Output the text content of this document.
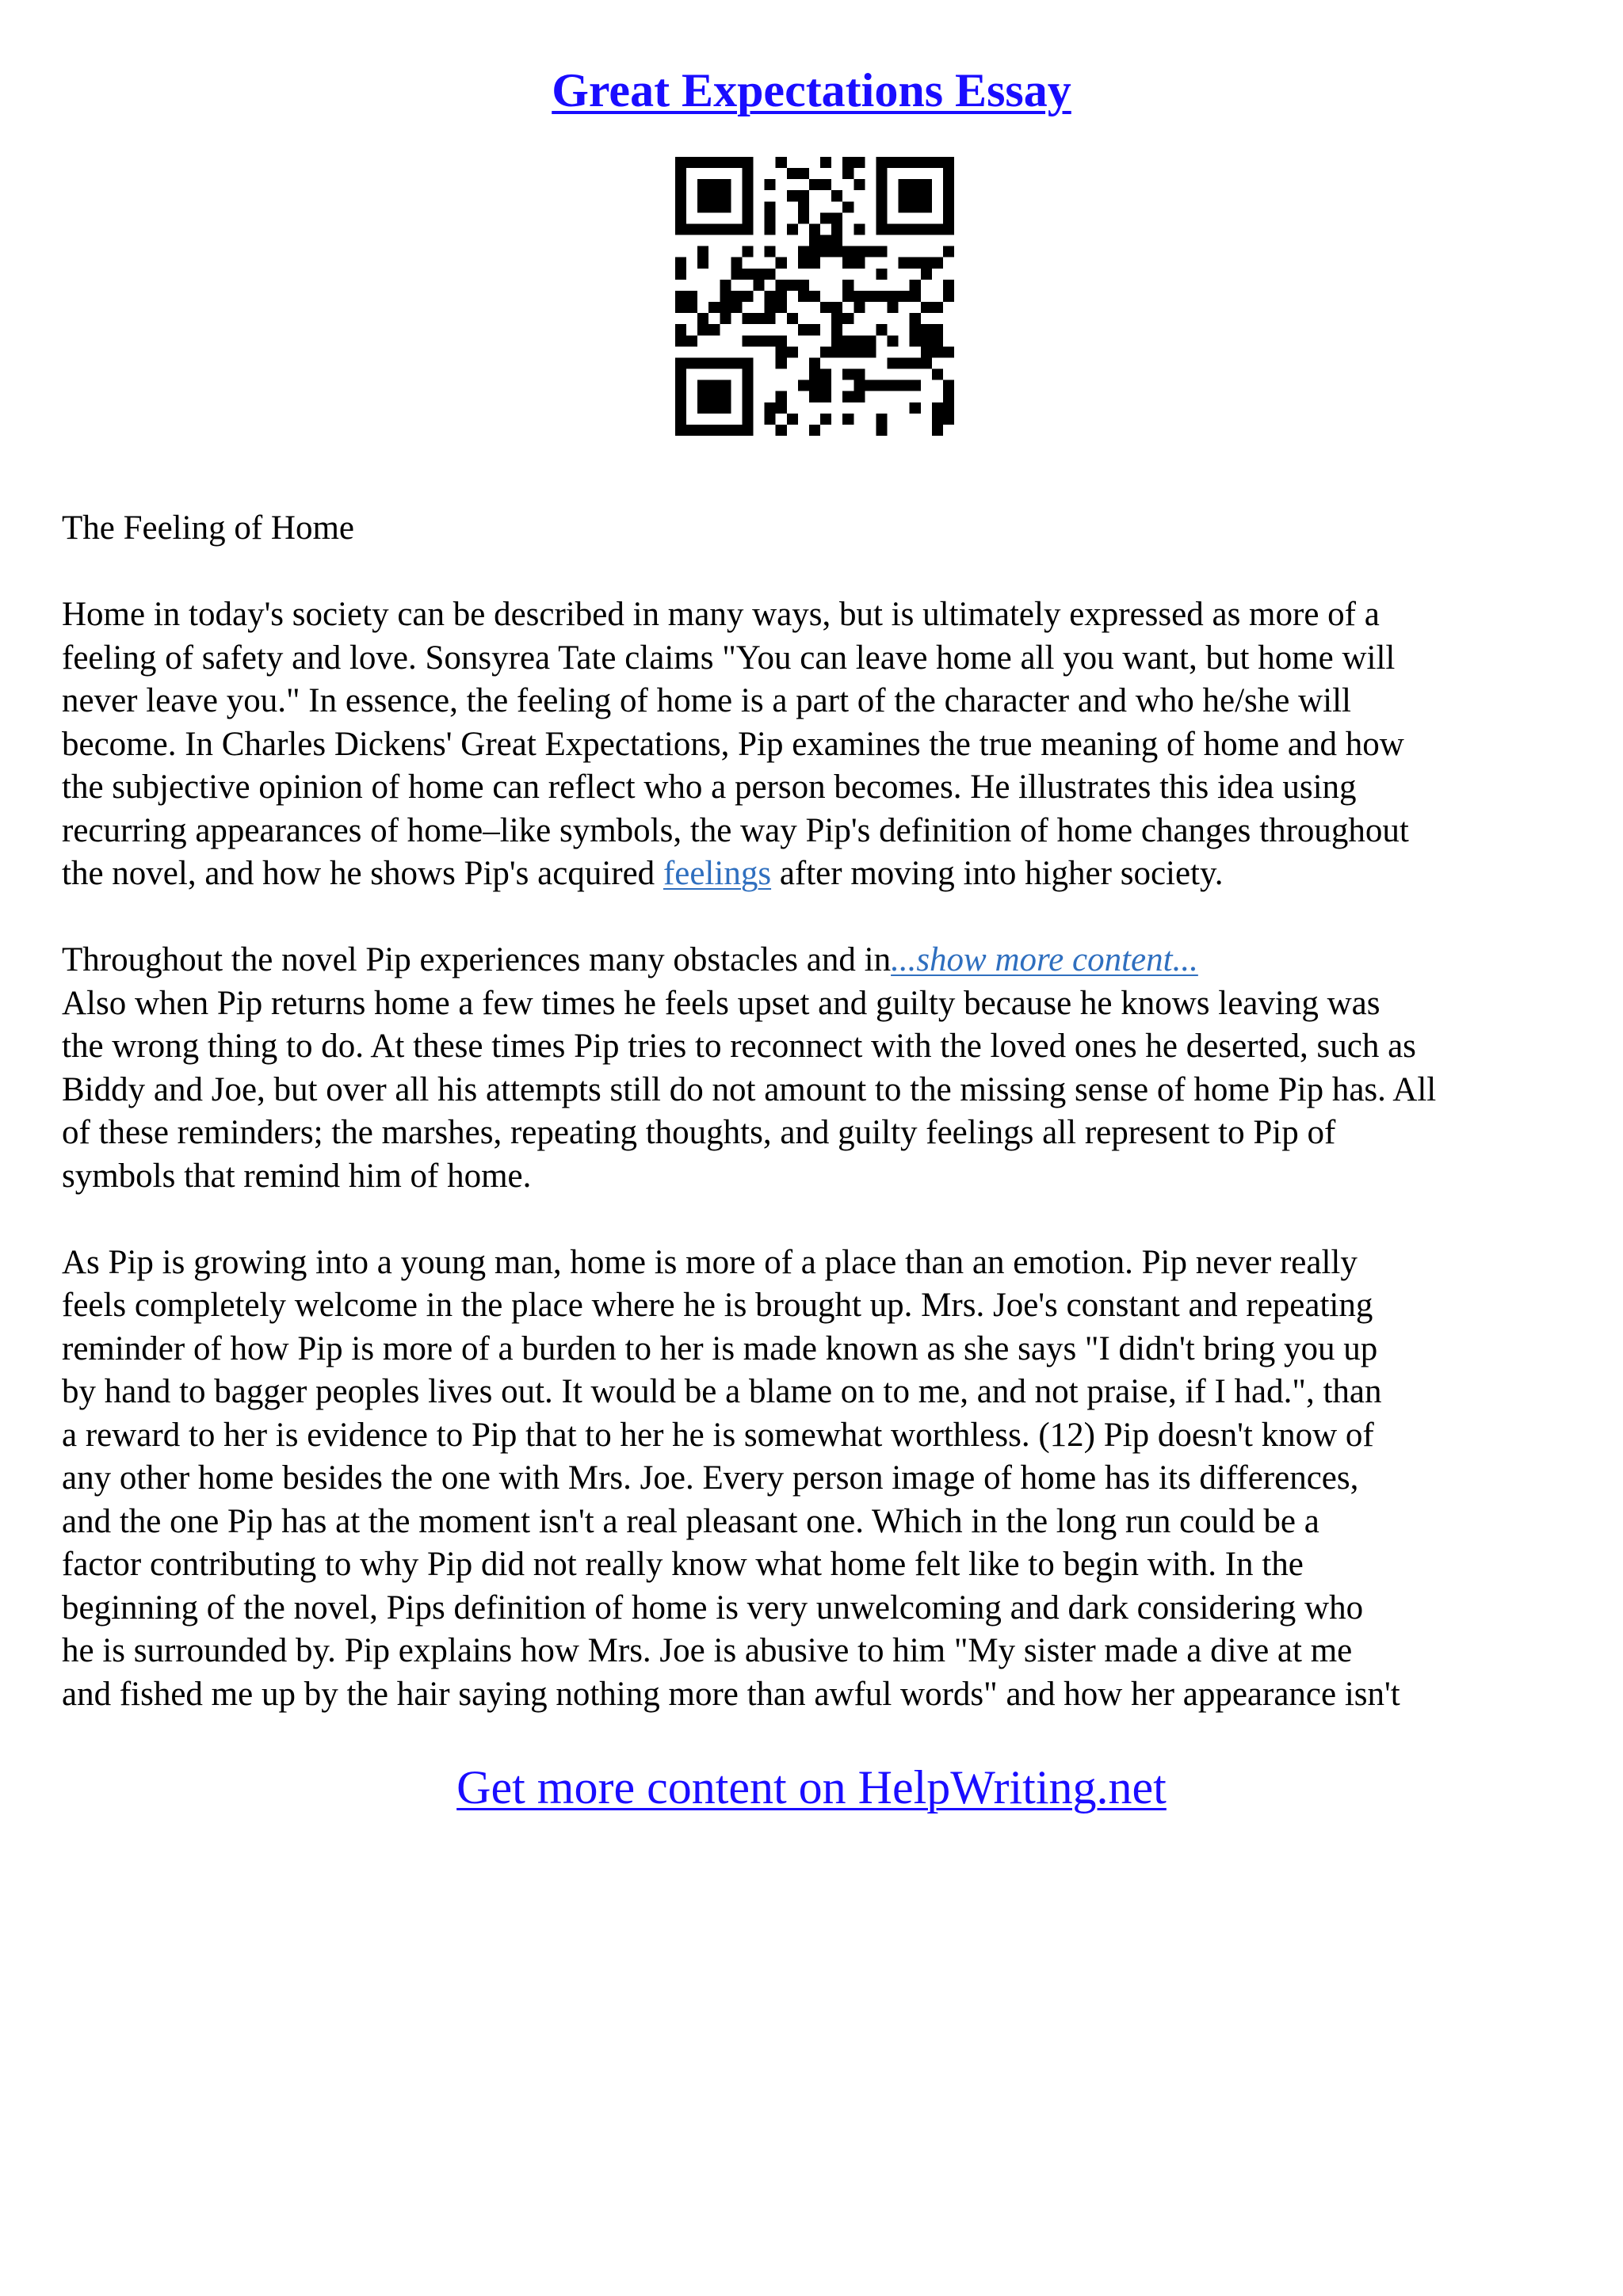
Great Expectations Essay
The Feeling of Home
Home in today's society can be described in many ways, but is ultimately expressed as more of a
feeling of safety and love. Sonsyrea Tate claims "You can leave home all you want, but home will
never leave you." In essence, the feeling of home is a part of the character and who he/she will
become. In Charles Dickens' Great Expectations, Pip examines the true meaning of home and how
the subjective opinion of home can reflect who a person becomes. He illustrates this idea using
recurring appearances of home–like symbols, the way Pip's definition of home changes throughout
the novel, and how he shows Pip's acquired feelings after moving into higher society.
Throughout the novel Pip experiences many obstacles and in...show more content...
Also when Pip returns home a few times he feels upset and guilty because he knows leaving was
the wrong thing to do. At these times Pip tries to reconnect with the loved ones he deserted, such as
Biddy and Joe, but over all his attempts still do not amount to the missing sense of home Pip has. All
of these reminders; the marshes, repeating thoughts, and guilty feelings all represent to Pip of
symbols that remind him of home.
As Pip is growing into a young man, home is more of a place than an emotion. Pip never really
feels completely welcome in the place where he is brought up. Mrs. Joe's constant and repeating
reminder of how Pip is more of a burden to her is made known as she says "I didn't bring you up
by hand to bagger peoples lives out. It would be a blame on to me, and not praise, if I had.", than
a reward to her is evidence to Pip that to her he is somewhat worthless. (12) Pip doesn't know of
any other home besides the one with Mrs. Joe. Every person image of home has its differences,
and the one Pip has at the moment isn't a real pleasant one. Which in the long run could be a
factor contributing to why Pip did not really know what home felt like to begin with. In the
beginning of the novel, Pips definition of home is very unwelcoming and dark considering who
he is surrounded by. Pip explains how Mrs. Joe is abusive to him "My sister made a dive at me
and fished me up by the hair saying nothing more than awful words" and how her appearance isn't
Get more content on HelpWriting.net
